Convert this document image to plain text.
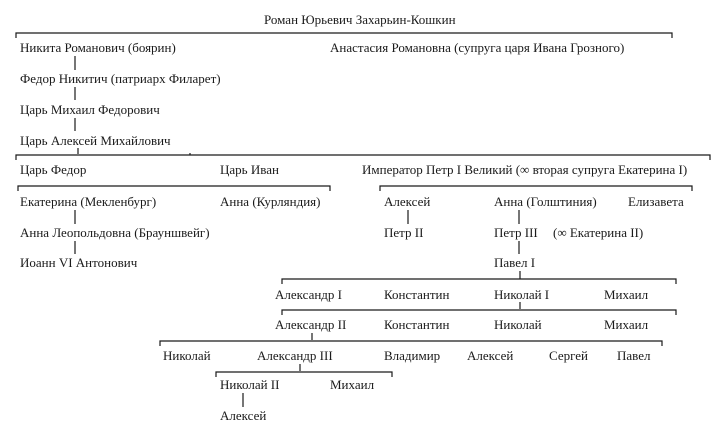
Роман Юрьевич Захарьин-Кошкин
Никита Романович (боярин)	Анастасия Романовна (супруга царя Ивана Грозного)
Федор Никитич (патриарх Филарет)
Царь Михаил Федорович
Царь Алексей Михайлович
Царь Федор	Царь Иван	Император Петр I Великий (∞ вторая супруга Екатерина I)
Екатерина (Мекленбург)	Анна (Курляндия)
Анна Леопольдовна (Брауншвейг)
Иоанн VI Антонович
Алексей	Анна (Голштиния) Елизавета
Петр II	Петр III (∞ Екатерина II)
Павел I
Александр I	Константин	Николай I	Михаил
Александр II	Константин	Николай	Михаил
Николай	Александр III	Владимир Алексей	Сергей Павел
Николай II	Михаил
Алексей
